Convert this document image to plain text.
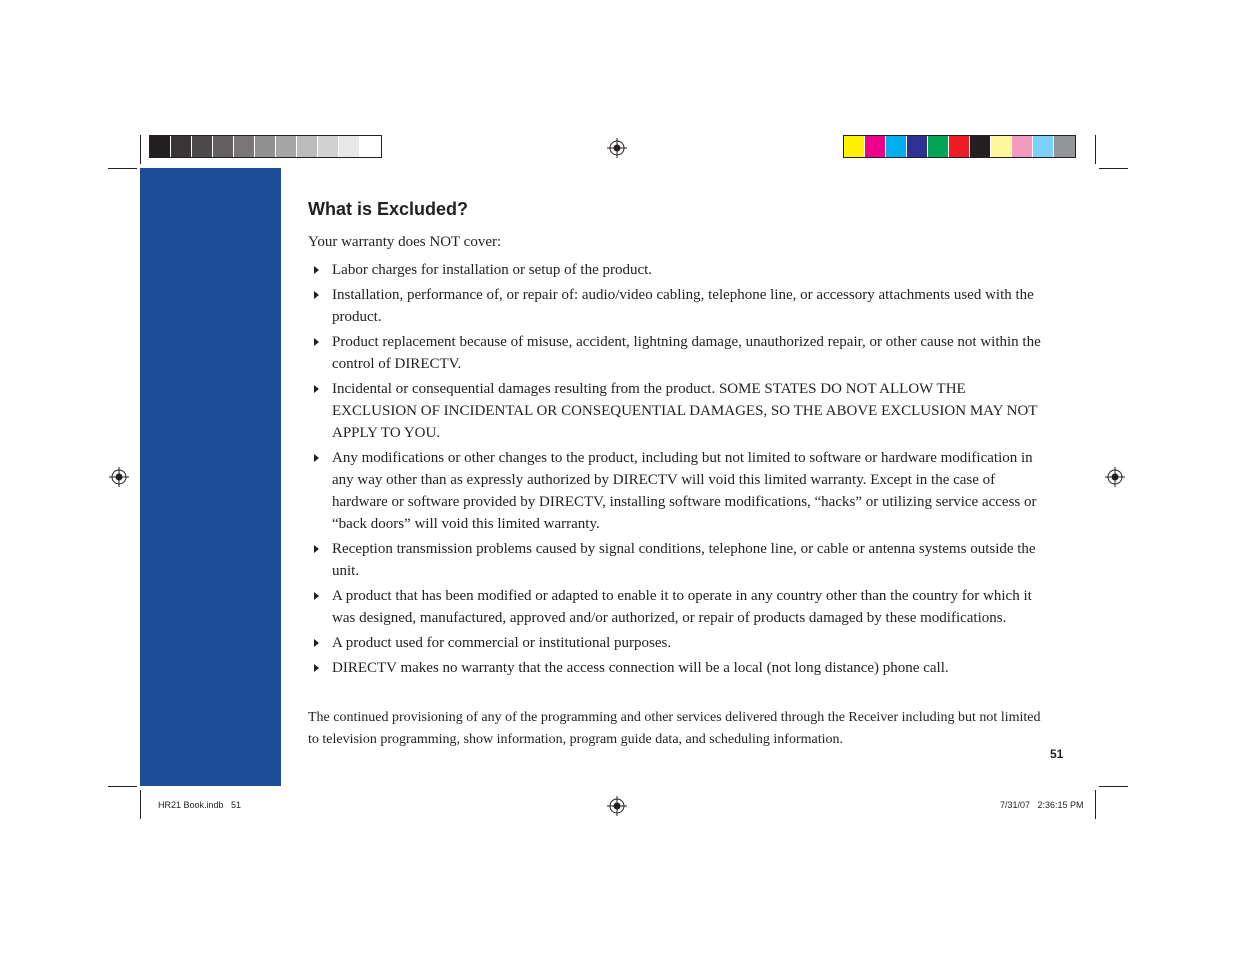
What is Excluded?
Your warranty does NOT cover:
Labor charges for installation or setup of the product.
Installation, performance of, or repair of: audio/video cabling, telephone line, or accessory attachments used with the product.
Product replacement because of misuse, accident, lightning damage, unauthorized repair, or other cause not within the control of DIRECTV.
Incidental or consequential damages resulting from the product. SOME STATES DO NOT ALLOW THE EXCLUSION OF INCIDENTAL OR CONSEQUENTIAL DAMAGES, SO THE ABOVE EXCLUSION MAY NOT APPLY TO YOU.
Any modifications or other changes to the product, including but not limited to software or hardware modification in any way other than as expressly authorized by DIRECTV will void this limited warranty. Except in the case of hardware or software provided by DIRECTV, installing software modifications, “hacks” or utilizing service access or “back doors” will void this limited warranty.
Reception transmission problems caused by signal conditions, telephone line, or cable or antenna systems outside the unit.
A product that has been modified or adapted to enable it to operate in any country other than the country for which it was designed, manufactured, approved and/or authorized, or repair of products damaged by these modifications.
A product used for commercial or institutional purposes.
DIRECTV makes no warranty that the access connection will be a local (not long distance) phone call.
The continued provisioning of any of the programming and other services delivered through the Receiver including but not limited to television programming, show information, program guide data, and scheduling information.
51
HR21 Book.indb   51	7/31/07   2:36:15 PM
